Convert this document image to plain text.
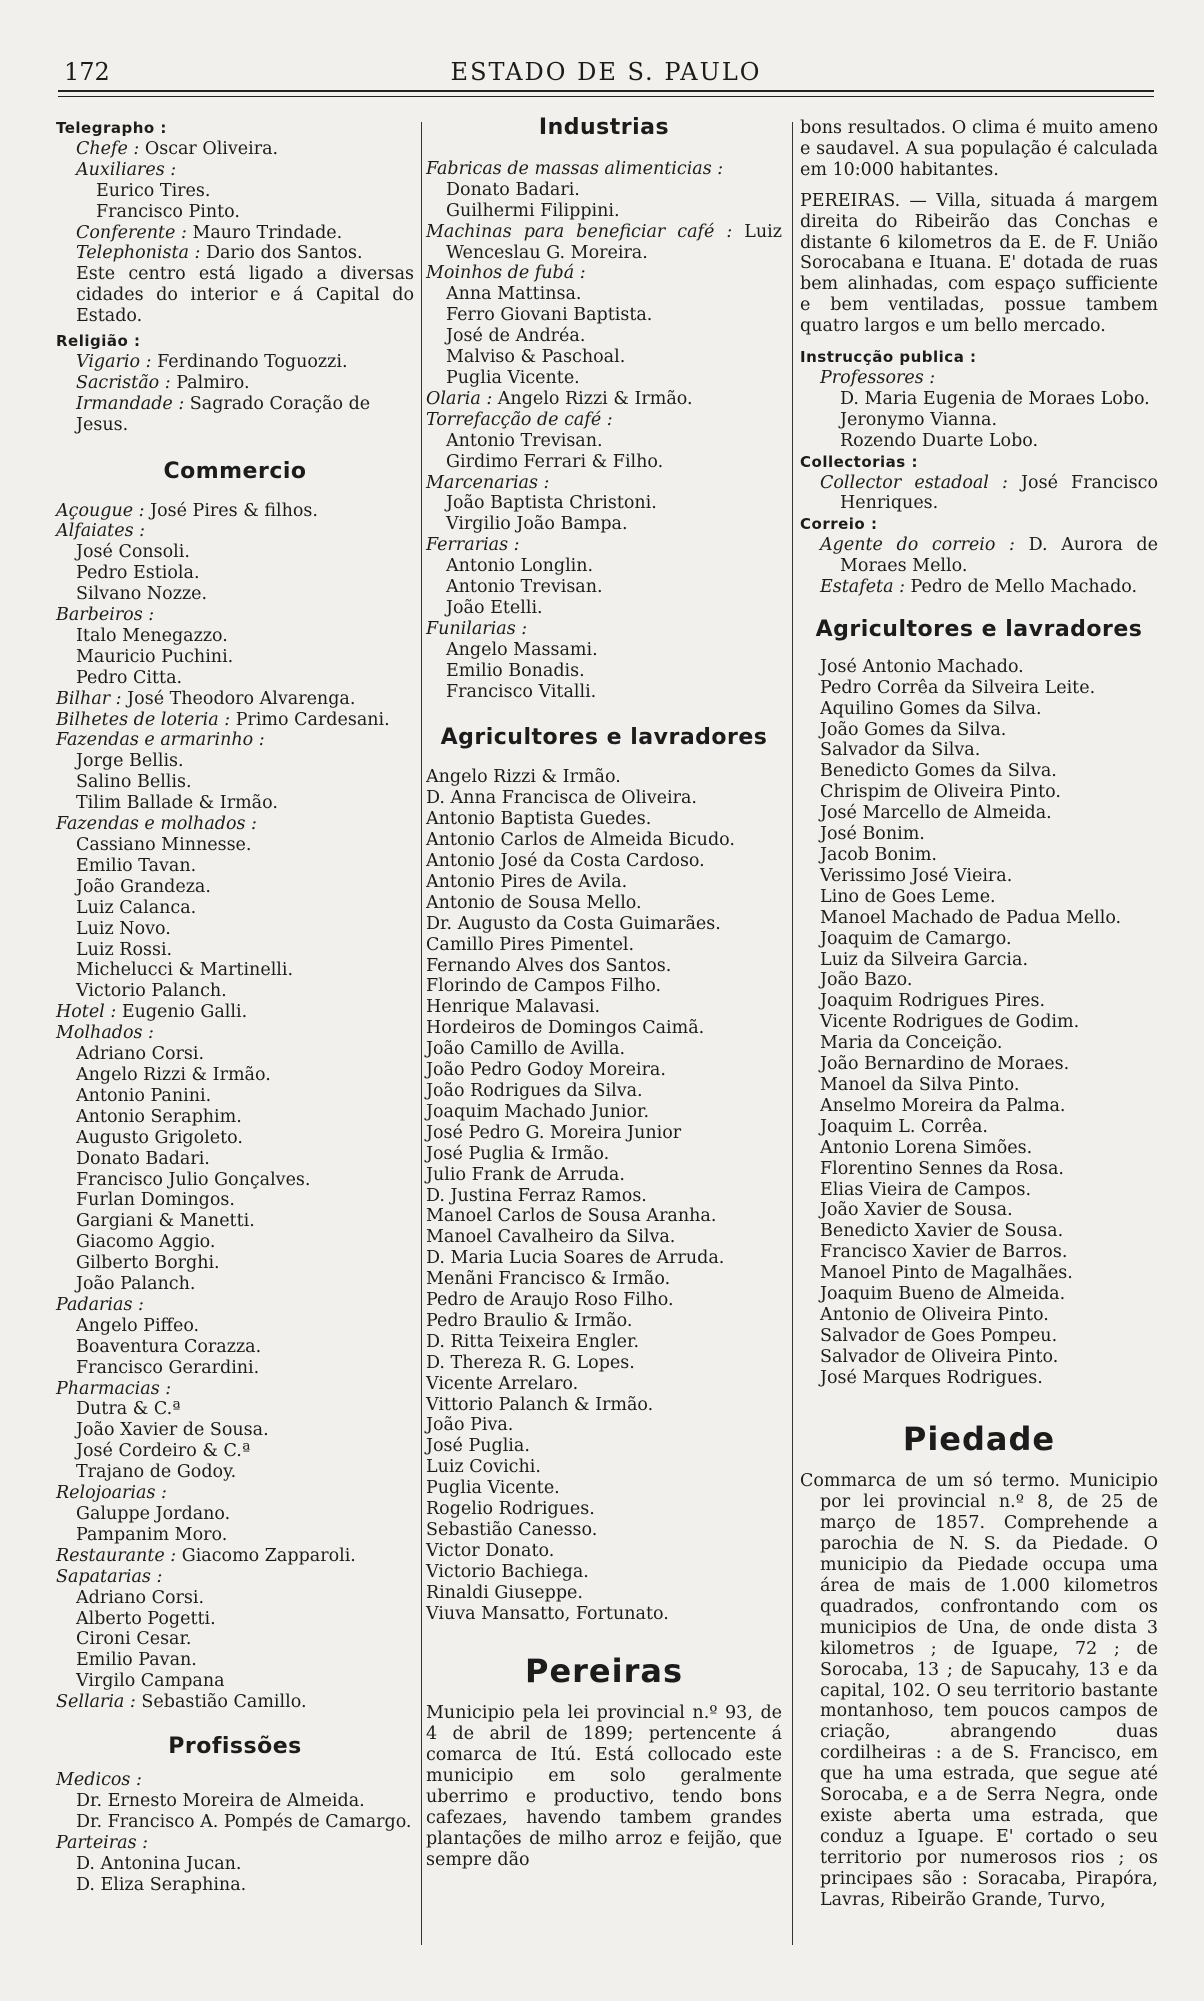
172	ESTADO DE S. PAULO

Telegrapho :

Chefe : Oscar Oliveira.

Auxiliares :

Eurico Tires.

Francisco Pinto.

Conferente : Mauro Trindade.

Telephonista : Dario dos Santos.

Este centro está ligado a diversas cidades do interior e á Capital do Estado.

Religião :

Vigario : Ferdinando Toguozzi.

Sacristão : Palmiro.

Irmandade : Sagrado Coração de Jesus.

Commercio

Açougue : José Pires & filhos.

Alfaiates :

José Consoli.

Pedro Estiola.

Silvano Nozze.

Barbeiros :

Italo Menegazzo.

Mauricio Puchini.

Pedro Citta.

Bilhar : José Theodoro Alvarenga.

Bilhetes de loteria : Primo Cardesani.

Fazendas e armarinho :

Jorge Bellis.

Salino Bellis.

Tilim Ballade & Irmão.

Fazendas e molhados :

Cassiano Minnesse.

Emilio Tavan.

João Grandeza.

Luiz Calanca.

Luiz Novo.

Luiz Rossi.

Michelucci & Martinelli.

Victorio Palanch.

Hotel : Eugenio Galli.

Molhados :

Adriano Corsi.

Angelo Rizzi & Irmão.

Antonio Panini.

Antonio Seraphim.

Augusto Grigoleto.

Donato Badari.

Francisco Julio Gonçalves.

Furlan Domingos.

Gargiani & Manetti.

Giacomo Aggio.

Gilberto Borghi.

João Palanch.

Padarias :

Angelo Piffeo.

Boaventura Corazza.

Francisco Gerardini.

Pharmacias :

Dutra & C.ª

João Xavier de Sousa.

José Cordeiro & C.ª

Trajano de Godoy.

Relojoarias :

Galuppe Jordano.

Pampanim Moro.

Restaurante : Giacomo Zapparoli.

Sapatarias :

Adriano Corsi.

Alberto Pogetti.

Cironi Cesar.

Emilio Pavan.

Virgilo Campana

Sellaria : Sebastião Camillo.

Profissões

Medicos :

Dr. Ernesto Moreira de Almeida.

Dr. Francisco A. Pompés de Camargo.

Parteiras :

D. Antonina Jucan.

D. Eliza Seraphina.

Industrias

Fabricas de massas alimenticias :

Donato Badari.

Guilhermi Filippini.

Machinas para beneficiar café : Luiz Wenceslau G. Moreira.

Moinhos de fubá :

Anna Mattinsa.

Ferro Giovani Baptista.

José de Andréa.

Malviso & Paschoal.

Puglia Vicente.

Olaria : Angelo Rizzi & Irmão.

Torrefacção de café :

Antonio Trevisan.

Girdimo Ferrari & Filho.

Marcenarias :

João Baptista Christoni.

Virgilio João Bampa.

Ferrarias :

Antonio Longlin.

Antonio Trevisan.

João Etelli.

Funilarias :

Angelo Massami.

Emilio Bonadis.

Francisco Vitalli.

Agricultores e lavradores

Angelo Rizzi & Irmão.

D. Anna Francisca de Oliveira.

Antonio Baptista Guedes.

Antonio Carlos de Almeida Bicudo.

Antonio José da Costa Cardoso.

Antonio Pires de Avila.

Antonio de Sousa Mello.

Dr. Augusto da Costa Guimarães.

Camillo Pires Pimentel.

Fernando Alves dos Santos.

Florindo de Campos Filho.

Henrique Malavasi.

Hordeiros de Domingos Caimã.

João Camillo de Avilla.

João Pedro Godoy Moreira.

João Rodrigues da Silva.

Joaquim Machado Junior.

José Pedro G. Moreira Junior

José Puglia & Irmão.

Julio Frank de Arruda.

D. Justina Ferraz Ramos.

Manoel Carlos de Sousa Aranha.

Manoel Cavalheiro da Silva.

D. Maria Lucia Soares de Arruda.

Menãni Francisco & Irmão.

Pedro de Araujo Roso Filho.

Pedro Braulio & Irmão.

D. Ritta Teixeira Engler.

D. Thereza R. G. Lopes.

Vicente Arrelaro.

Vittorio Palanch & Irmão.

João Piva.

José Puglia.

Luiz Covichi.

Puglia Vicente.

Rogelio Rodrigues.

Sebastião Canesso.

Victor Donato.

Victorio Bachiega.

Rinaldi Giuseppe.

Viuva Mansatto, Fortunato.

Pereiras

Municipio pela lei provincial n.º 93, de 4 de abril de 1899; pertencente á comarca de Itú. Está collocado este municipio em solo geralmente uberrimo e productivo, tendo bons cafezaes, havendo tambem grandes plantações de milho arroz e feijão, que sempre dão

bons resultados. O clima é muito ameno e saudavel. A sua população é calculada em 10:000 habitantes.

PEREIRAS. — Villa, situada á margem direita do Ribeirão das Conchas e distante 6 kilometros da E. de F. União Sorocabana e Ituana. E' dotada de ruas bem alinhadas, com espaço sufficiente e bem ventiladas, possue tambem quatro largos e um bello mercado.

Instrucção publica :

Professores :

D. Maria Eugenia de Moraes Lobo.

Jeronymo Vianna.

Rozendo Duarte Lobo.

Collectorias :

Collector estadoal : José Francisco Henriques.

Correio :

Agente do correio : D. Aurora de Moraes Mello.

Estafeta : Pedro de Mello Machado.

Agricultores e lavradores

José Antonio Machado.

Pedro Corrêa da Silveira Leite.

Aquilino Gomes da Silva.

João Gomes da Silva.

Salvador da Silva.

Benedicto Gomes da Silva.

Chrispim de Oliveira Pinto.

José Marcello de Almeida.

José Bonim.

Jacob Bonim.

Verissimo José Vieira.

Lino de Goes Leme.

Manoel Machado de Padua Mello.

Joaquim de Camargo.

Luiz da Silveira Garcia.

João Bazo.

Joaquim Rodrigues Pires.

Vicente Rodrigues de Godim.

Maria da Conceição.

João Bernardino de Moraes.

Manoel da Silva Pinto.

Anselmo Moreira da Palma.

Joaquim L. Corrêa.

Antonio Lorena Simões.

Florentino Sennes da Rosa.

Elias Vieira de Campos.

João Xavier de Sousa.

Benedicto Xavier de Sousa.

Francisco Xavier de Barros.

Manoel Pinto de Magalhães.

Joaquim Bueno de Almeida.

Antonio de Oliveira Pinto.

Salvador de Goes Pompeu.

Salvador de Oliveira Pinto.

José Marques Rodrigues.

Piedade

Commarca de um só termo. Municipio por lei provincial n.º 8, de 25 de março de 1857. Comprehende a parochia de N. S. da Piedade. O municipio da Piedade occupa uma área de mais de 1.000 kilometros quadrados, confrontando com os municipios de Una, de onde dista 3 kilometros ; de Iguape, 72 ; de Sorocaba, 13 ; de Sapucahy, 13 e da capital, 102. O seu territorio bastante montanhoso, tem poucos campos de criação, abrangendo duas cordilheiras : a de S. Francisco, em que ha uma estrada, que segue até Sorocaba, e a de Serra Negra, onde existe aberta uma estrada, que conduz a Iguape. E' cortado o seu territorio por numerosos rios ; os principaes são : Soracaba, Pirapóra, Lavras, Ribeirão Grande, Turvo,
